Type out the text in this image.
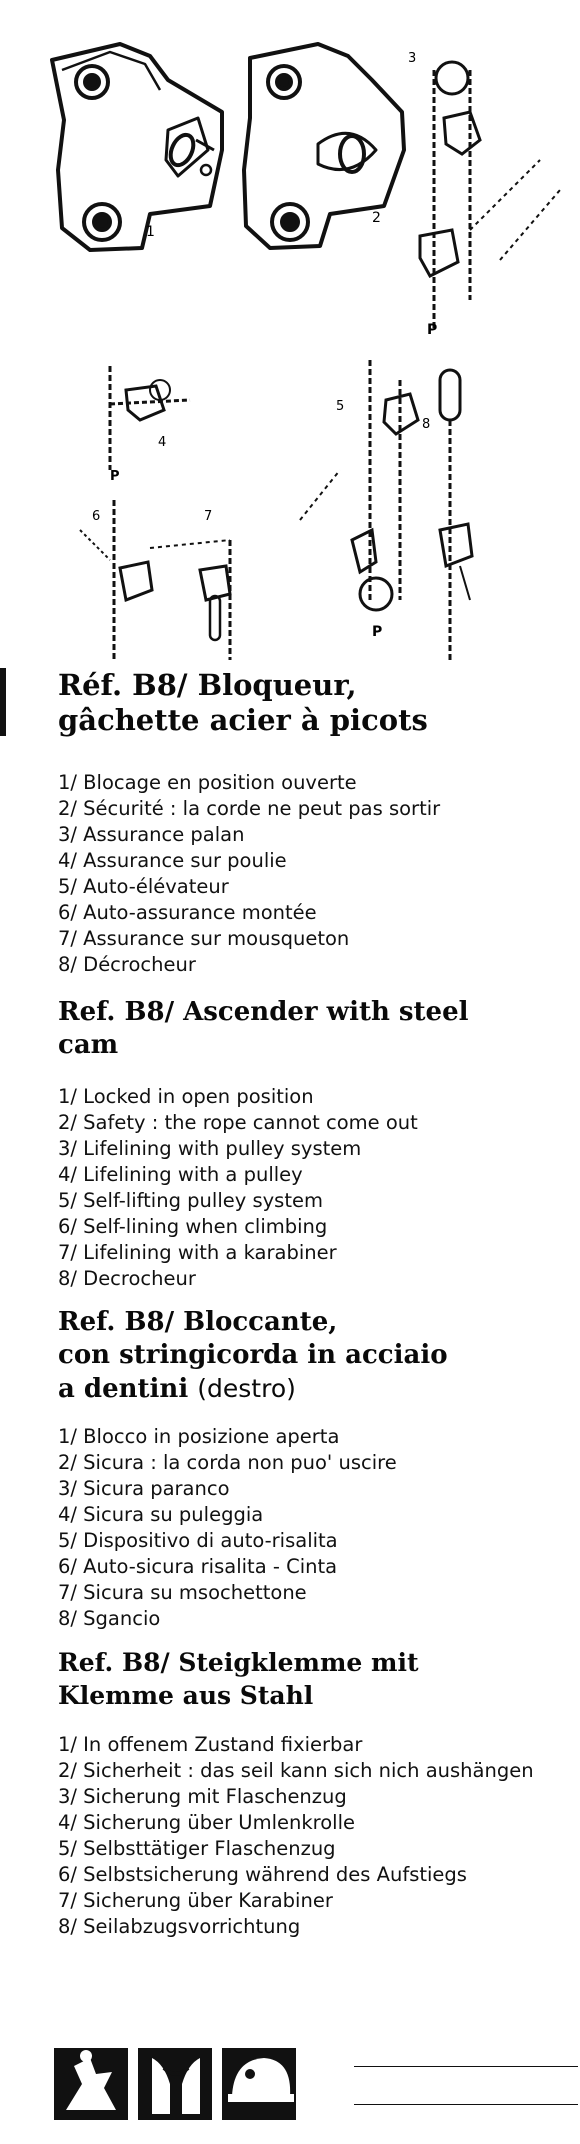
1
2
3
P
4
P
5
P
6	7
8
Réf. B8/ Bloqueur,
gâchette acier à picots
1/ Blocage en position ouverte
2/ Sécurité : la corde ne peut pas sortir
3/ Assurance palan
4/ Assurance sur poulie
5/ Auto-élévateur
6/ Auto-assurance montée
7/ Assurance sur mousqueton
8/ Décrocheur
Ref. B8/ Ascender with steel
cam
1/ Locked in open position
2/ Safety : the rope cannot come out
3/ Lifelining with pulley system
4/ Lifelining with a pulley
5/ Self-lifting pulley system
6/ Self-lining when climbing
7/ Lifelining with a karabiner
8/ Decrocheur
Ref. B8/ Bloccante,
con stringicorda in acciaio
a dentini (destro)
1/ Blocco in posizione aperta
2/ Sicura : la corda non puo' uscire
3/ Sicura paranco
4/ Sicura su puleggia
5/ Dispositivo di auto-risalita
6/ Auto-sicura risalita - Cinta
7/ Sicura su msochettone
8/ Sgancio
Ref. B8/ Steigklemme mit
Klemme aus Stahl
1/ In offenem Zustand fixierbar
2/ Sicherheit : das seil kann sich nich aushängen
3/ Sicherung mit Flaschenzug
4/ Sicherung über Umlenkrolle
5/ Selbsttätiger Flaschenzug
6/ Selbstsicherung während des Aufstiegs
7/ Sicherung über Karabiner
8/ Seilabzugsvorrichtung
